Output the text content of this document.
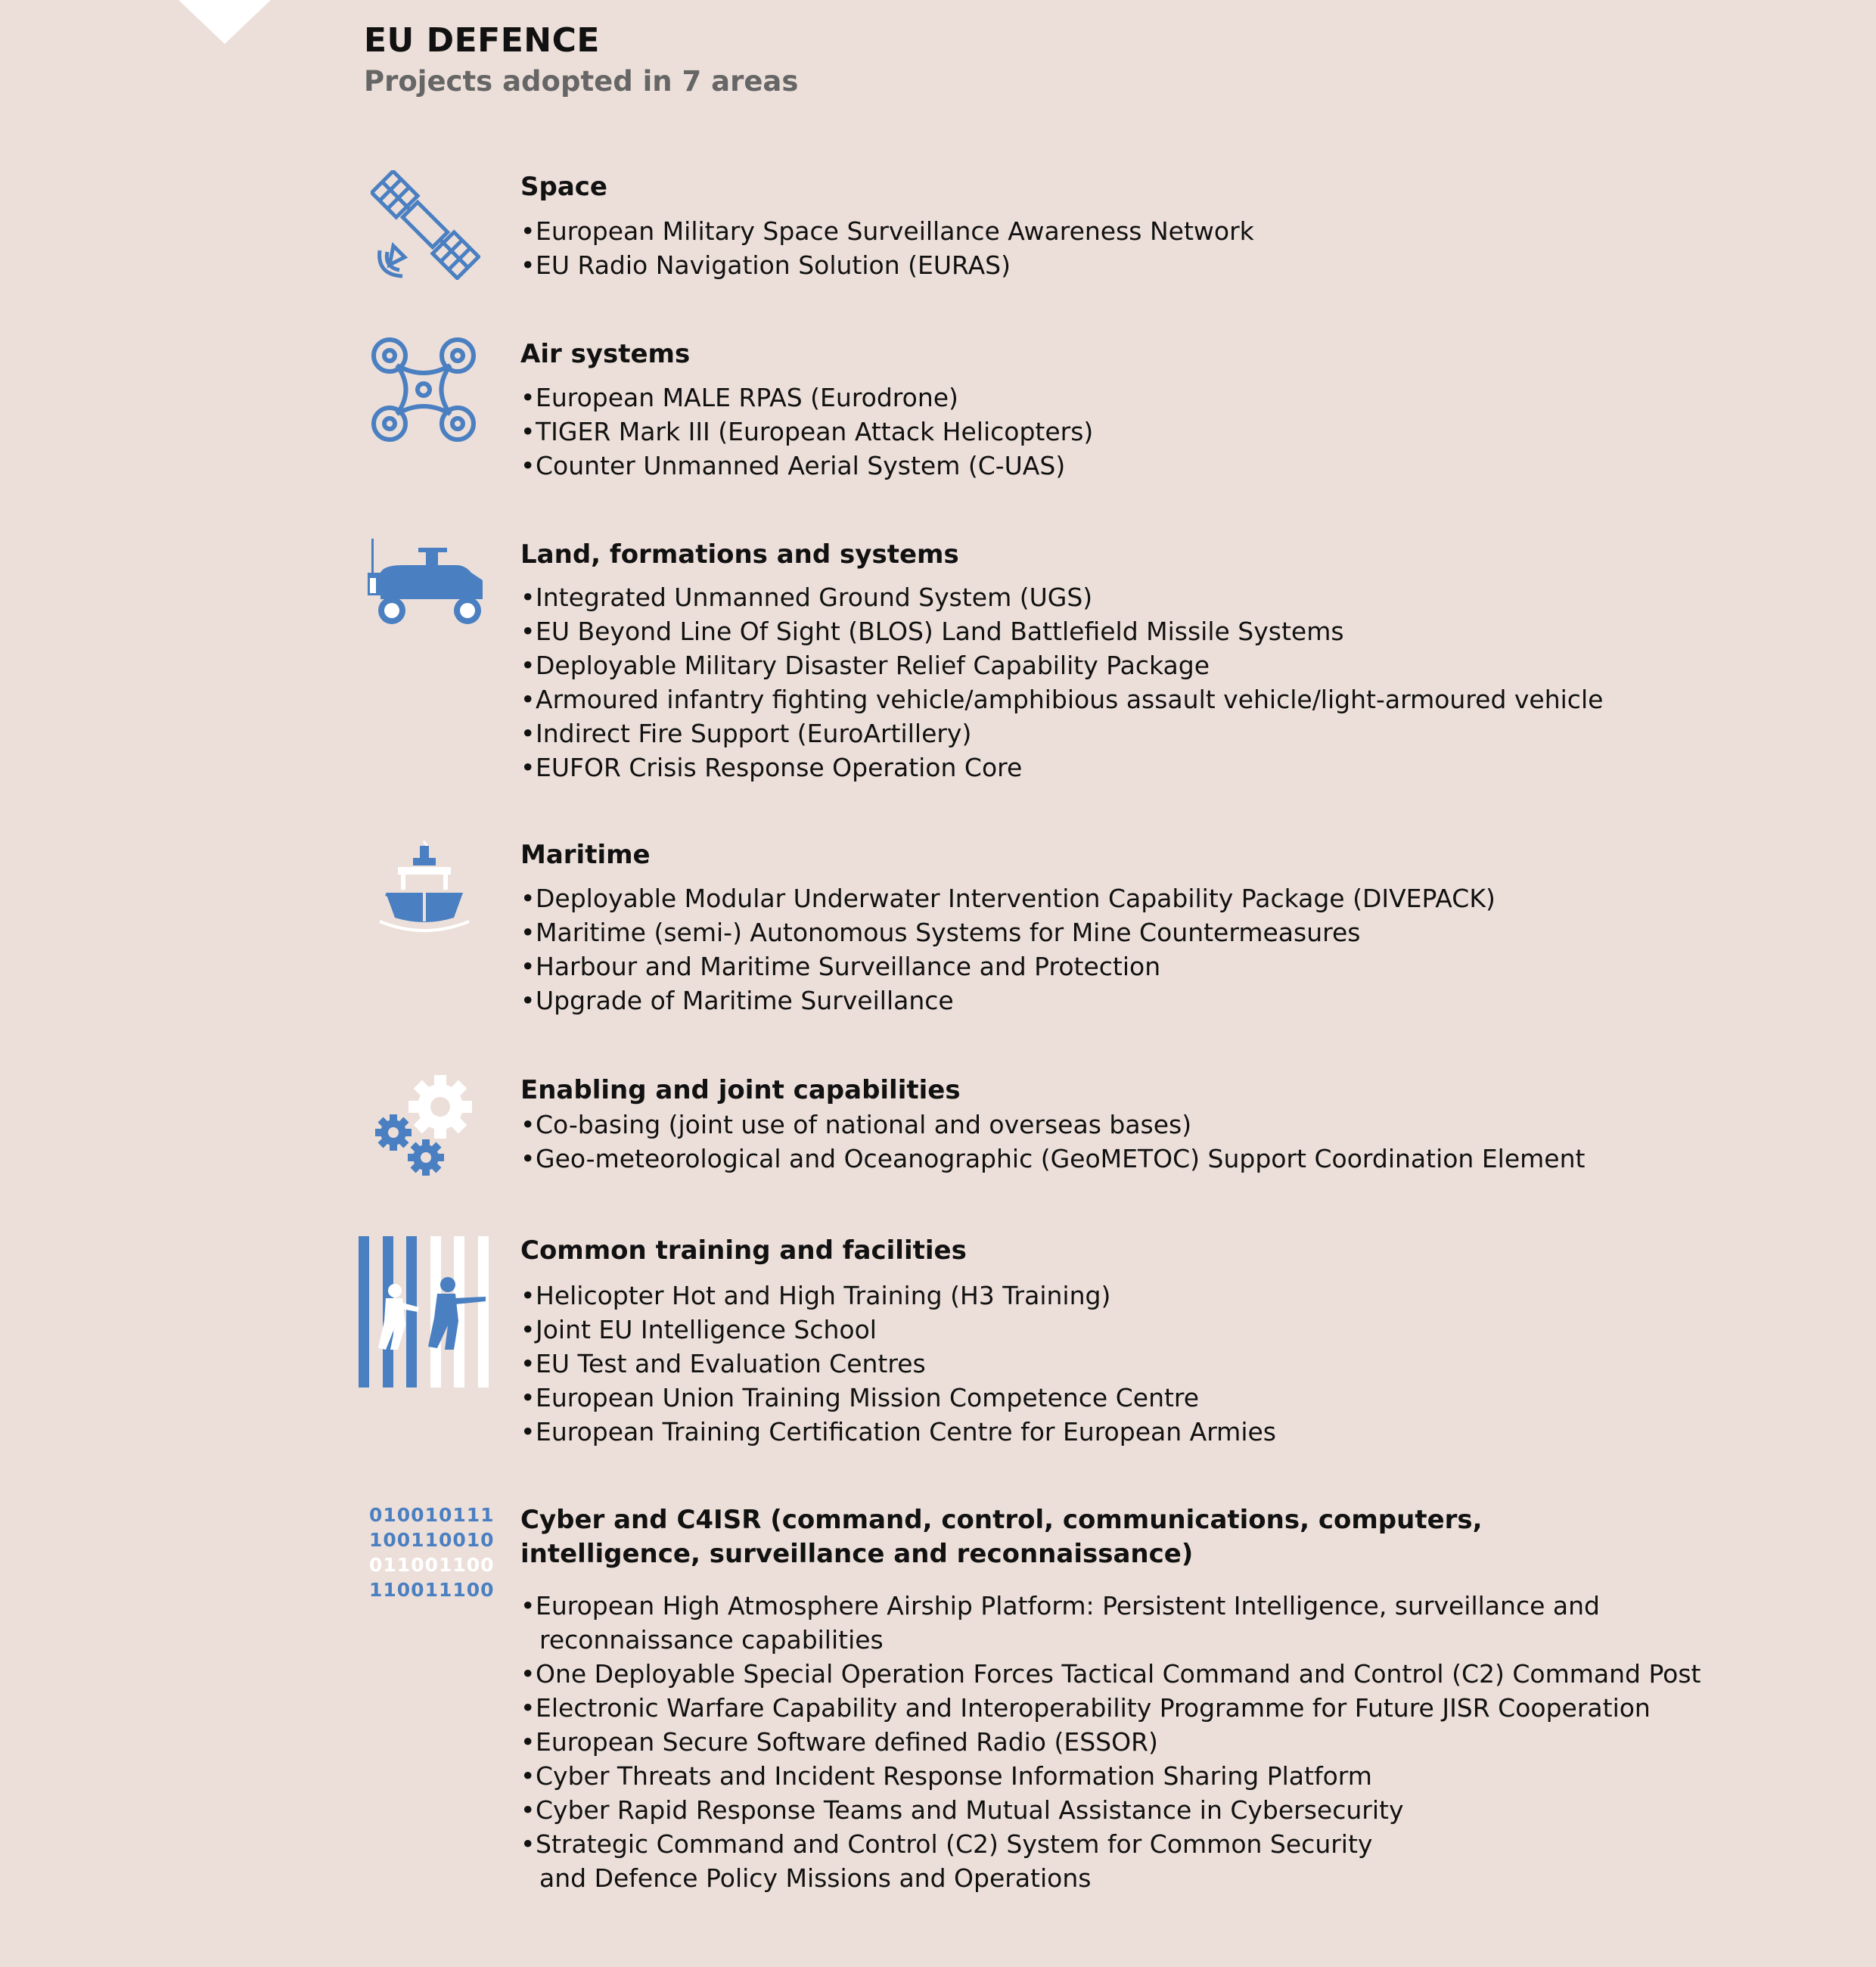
EU DEFENCE
Projects adopted in 7 areas
Space
•European Military Space Surveillance Awareness Network
•EU Radio Navigation Solution (EURAS)
Air systems
•European MALE RPAS (Eurodrone)
•TIGER Mark III (European Attack Helicopters)
•Counter Unmanned Aerial System (C-UAS)
Land, formations and systems
•Integrated Unmanned Ground System (UGS)
•EU Beyond Line Of Sight (BLOS) Land Battlefield Missile Systems
•Deployable Military Disaster Relief Capability Package
•Armoured infantry fighting vehicle/amphibious assault vehicle/light-armoured vehicle
•Indirect Fire Support (EuroArtillery)
•EUFOR Crisis Response Operation Core
Maritime
•Deployable Modular Underwater Intervention Capability Package (DIVEPACK)
•Maritime (semi-) Autonomous Systems for Mine Countermeasures
•Harbour and Maritime Surveillance and Protection
•Upgrade of Maritime Surveillance
Enabling and joint capabilities
•Co-basing (joint use of national and overseas bases)
•Geo-meteorological and Oceanographic (GeoMETOC) Support Coordination Element
Common training and facilities
•Helicopter Hot and High Training (H3 Training)
•Joint EU Intelligence School
•EU Test and Evaluation Centres
•European Union Training Mission Competence Centre
•European Training Certification Centre for European Armies
010010111
100110010
011001100
110011100
Cyber and C4ISR (command, control, communications, computers,
intelligence, surveillance and reconnaissance)
•European High Atmosphere Airship Platform: Persistent Intelligence, surveillance and
reconnaissance capabilities
•One Deployable Special Operation Forces Tactical Command and Control (C2) Command Post
•Electronic Warfare Capability and Interoperability Programme for Future JISR Cooperation
•European Secure Software defined Radio (ESSOR)
•Cyber Threats and Incident Response Information Sharing Platform
•Cyber Rapid Response Teams and Mutual Assistance in Cybersecurity
•Strategic Command and Control (C2) System for Common Security
and Defence Policy Missions and Operations
